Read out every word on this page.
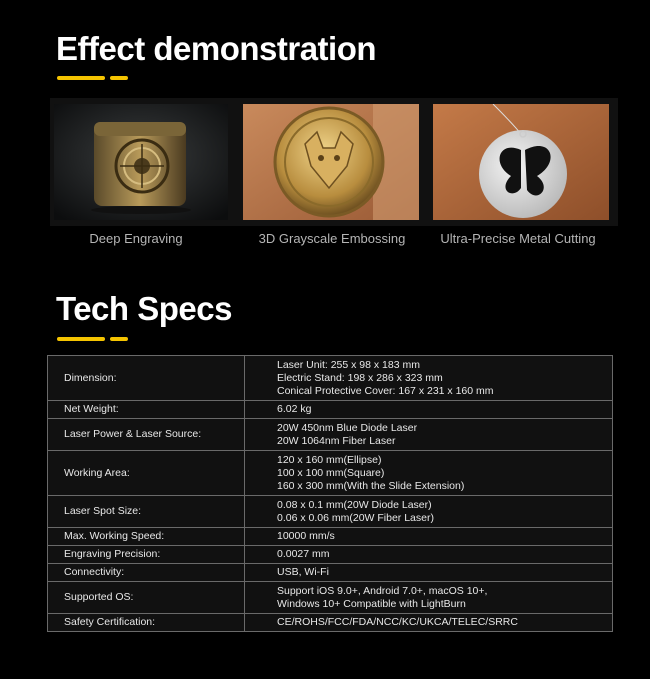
Effect demonstration
Deep Engraving	3D Grayscale Embossing	Ultra-Precise Metal Cutting
Tech Specs
Dimension:	Laser Unit: 255 x 98 x 183 mm
Electric Stand: 198 x 286 x 323 mm
Conical Protective Cover: 167 x 231 x 160 mm

Net Weight:	6.02 kg

Laser Power & Laser Source:	20W 450nm Blue Diode Laser
20W 1064nm Fiber Laser

Working Area:	120 x 160 mm(Ellipse)
100 x 100 mm(Square)
160 x 300 mm(With the Slide Extension)

Laser Spot Size:	0.08 x 0.1 mm(20W Diode Laser)
0.06 x 0.06 mm(20W Fiber Laser)

Max. Working Speed:	10000 mm/s

Engraving Precision:	0.0027 mm

Connectivity:	USB, Wi-Fi

Supported OS:	Support iOS 9.0+, Android 7.0+, macOS 10+,
Windows 10+ Compatible with LightBurn

Safety Certification:	CE/ROHS/FCC/FDA/NCC/KC/UKCA/TELEC/SRRC
